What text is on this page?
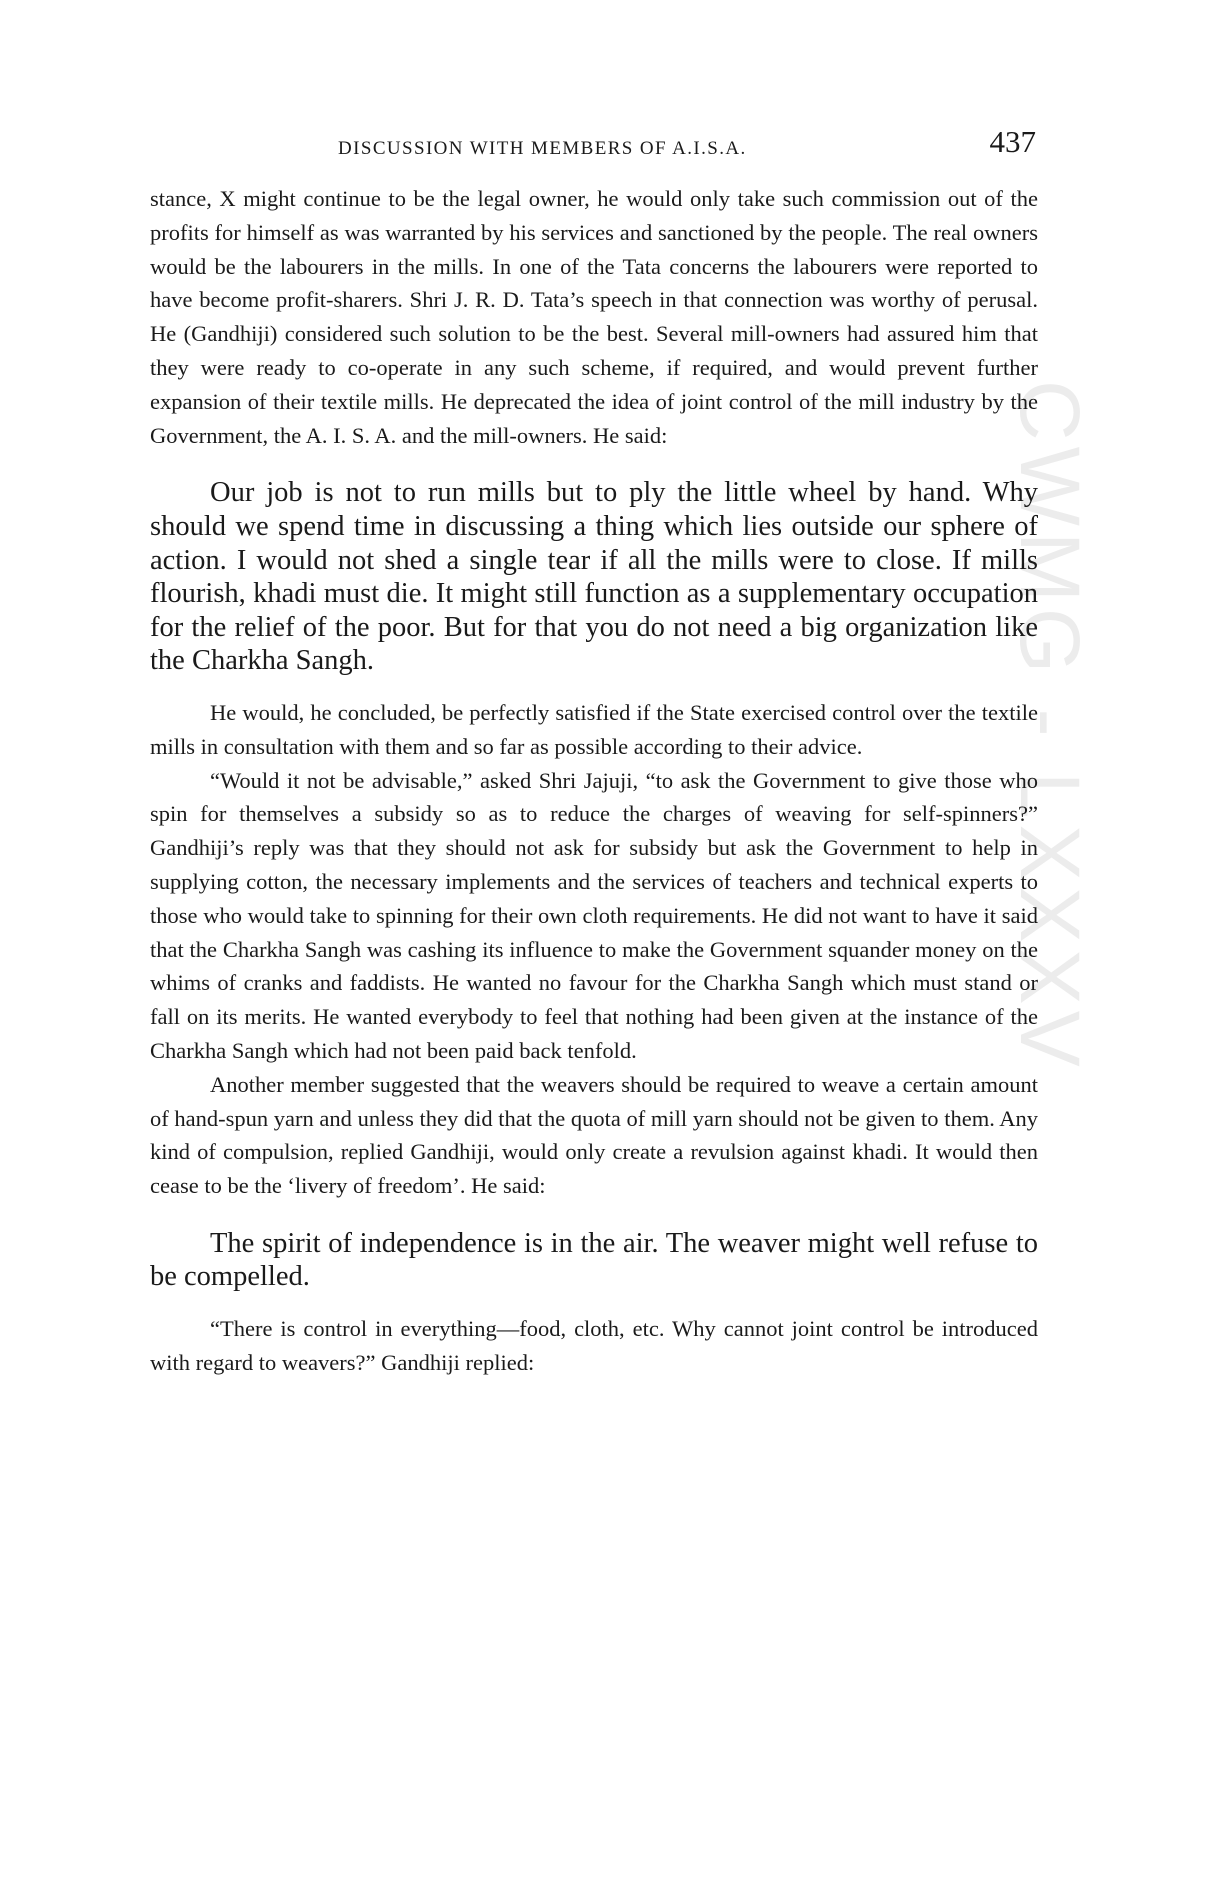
CWMG - LXXXV
DISCUSSION WITH MEMBERS OF A.I.S.A.	437

stance, X might continue to be the legal owner, he would only take such commission out of the profits for himself as was warranted by his services and sanctioned by the people. The real owners would be the labourers in the mills. In one of the Tata concerns the labourers were reported to have become profit-sharers. Shri J. R. D. Tata’s speech in that connection was worthy of perusal. He (Gandhiji) considered such solution to be the best. Several mill-owners had assured him that they were ready to co-operate in any such scheme, if required, and would prevent further expansion of their textile mills. He deprecated the idea of joint control of the mill industry by the Government, the A. I. S. A. and the mill-owners. He said:

Our job is not to run mills but to ply the little wheel by hand. Why should we spend time in discussing a thing which lies outside our sphere of action. I would not shed a single tear if all the mills were to close. If mills flourish, khadi must die. It might still function as a supplementary occupation for the relief of the poor. But for that you do not need a big organization like the Charkha Sangh.

He would, he concluded, be perfectly satisfied if the State exercised control over the textile mills in consultation with them and so far as possible according to their advice.

“Would it not be advisable,” asked Shri Jajuji, “to ask the Government to give those who spin for themselves a subsidy so as to reduce the charges of weaving for self-spinners?” Gandhiji’s reply was that they should not ask for subsidy but ask the Government to help in supplying cotton, the necessary implements and the services of teachers and technical experts to those who would take to spinning for their own cloth requirements. He did not want to have it said that the Charkha Sangh was cashing its influence to make the Government squander money on the whims of cranks and faddists. He wanted no favour for the Charkha Sangh which must stand or fall on its merits. He wanted everybody to feel that nothing had been given at the instance of the Charkha Sangh which had not been paid back tenfold.

Another member suggested that the weavers should be required to weave a certain amount of hand-spun yarn and unless they did that the quota of mill yarn should not be given to them. Any kind of compulsion, replied Gandhiji, would only create a revulsion against khadi. It would then cease to be the ‘livery of freedom’. He said:

The spirit of independence is in the air. The weaver might well refuse to be compelled.

“There is control in everything—food, cloth, etc. Why cannot joint control be introduced with regard to weavers?” Gandhiji replied:
